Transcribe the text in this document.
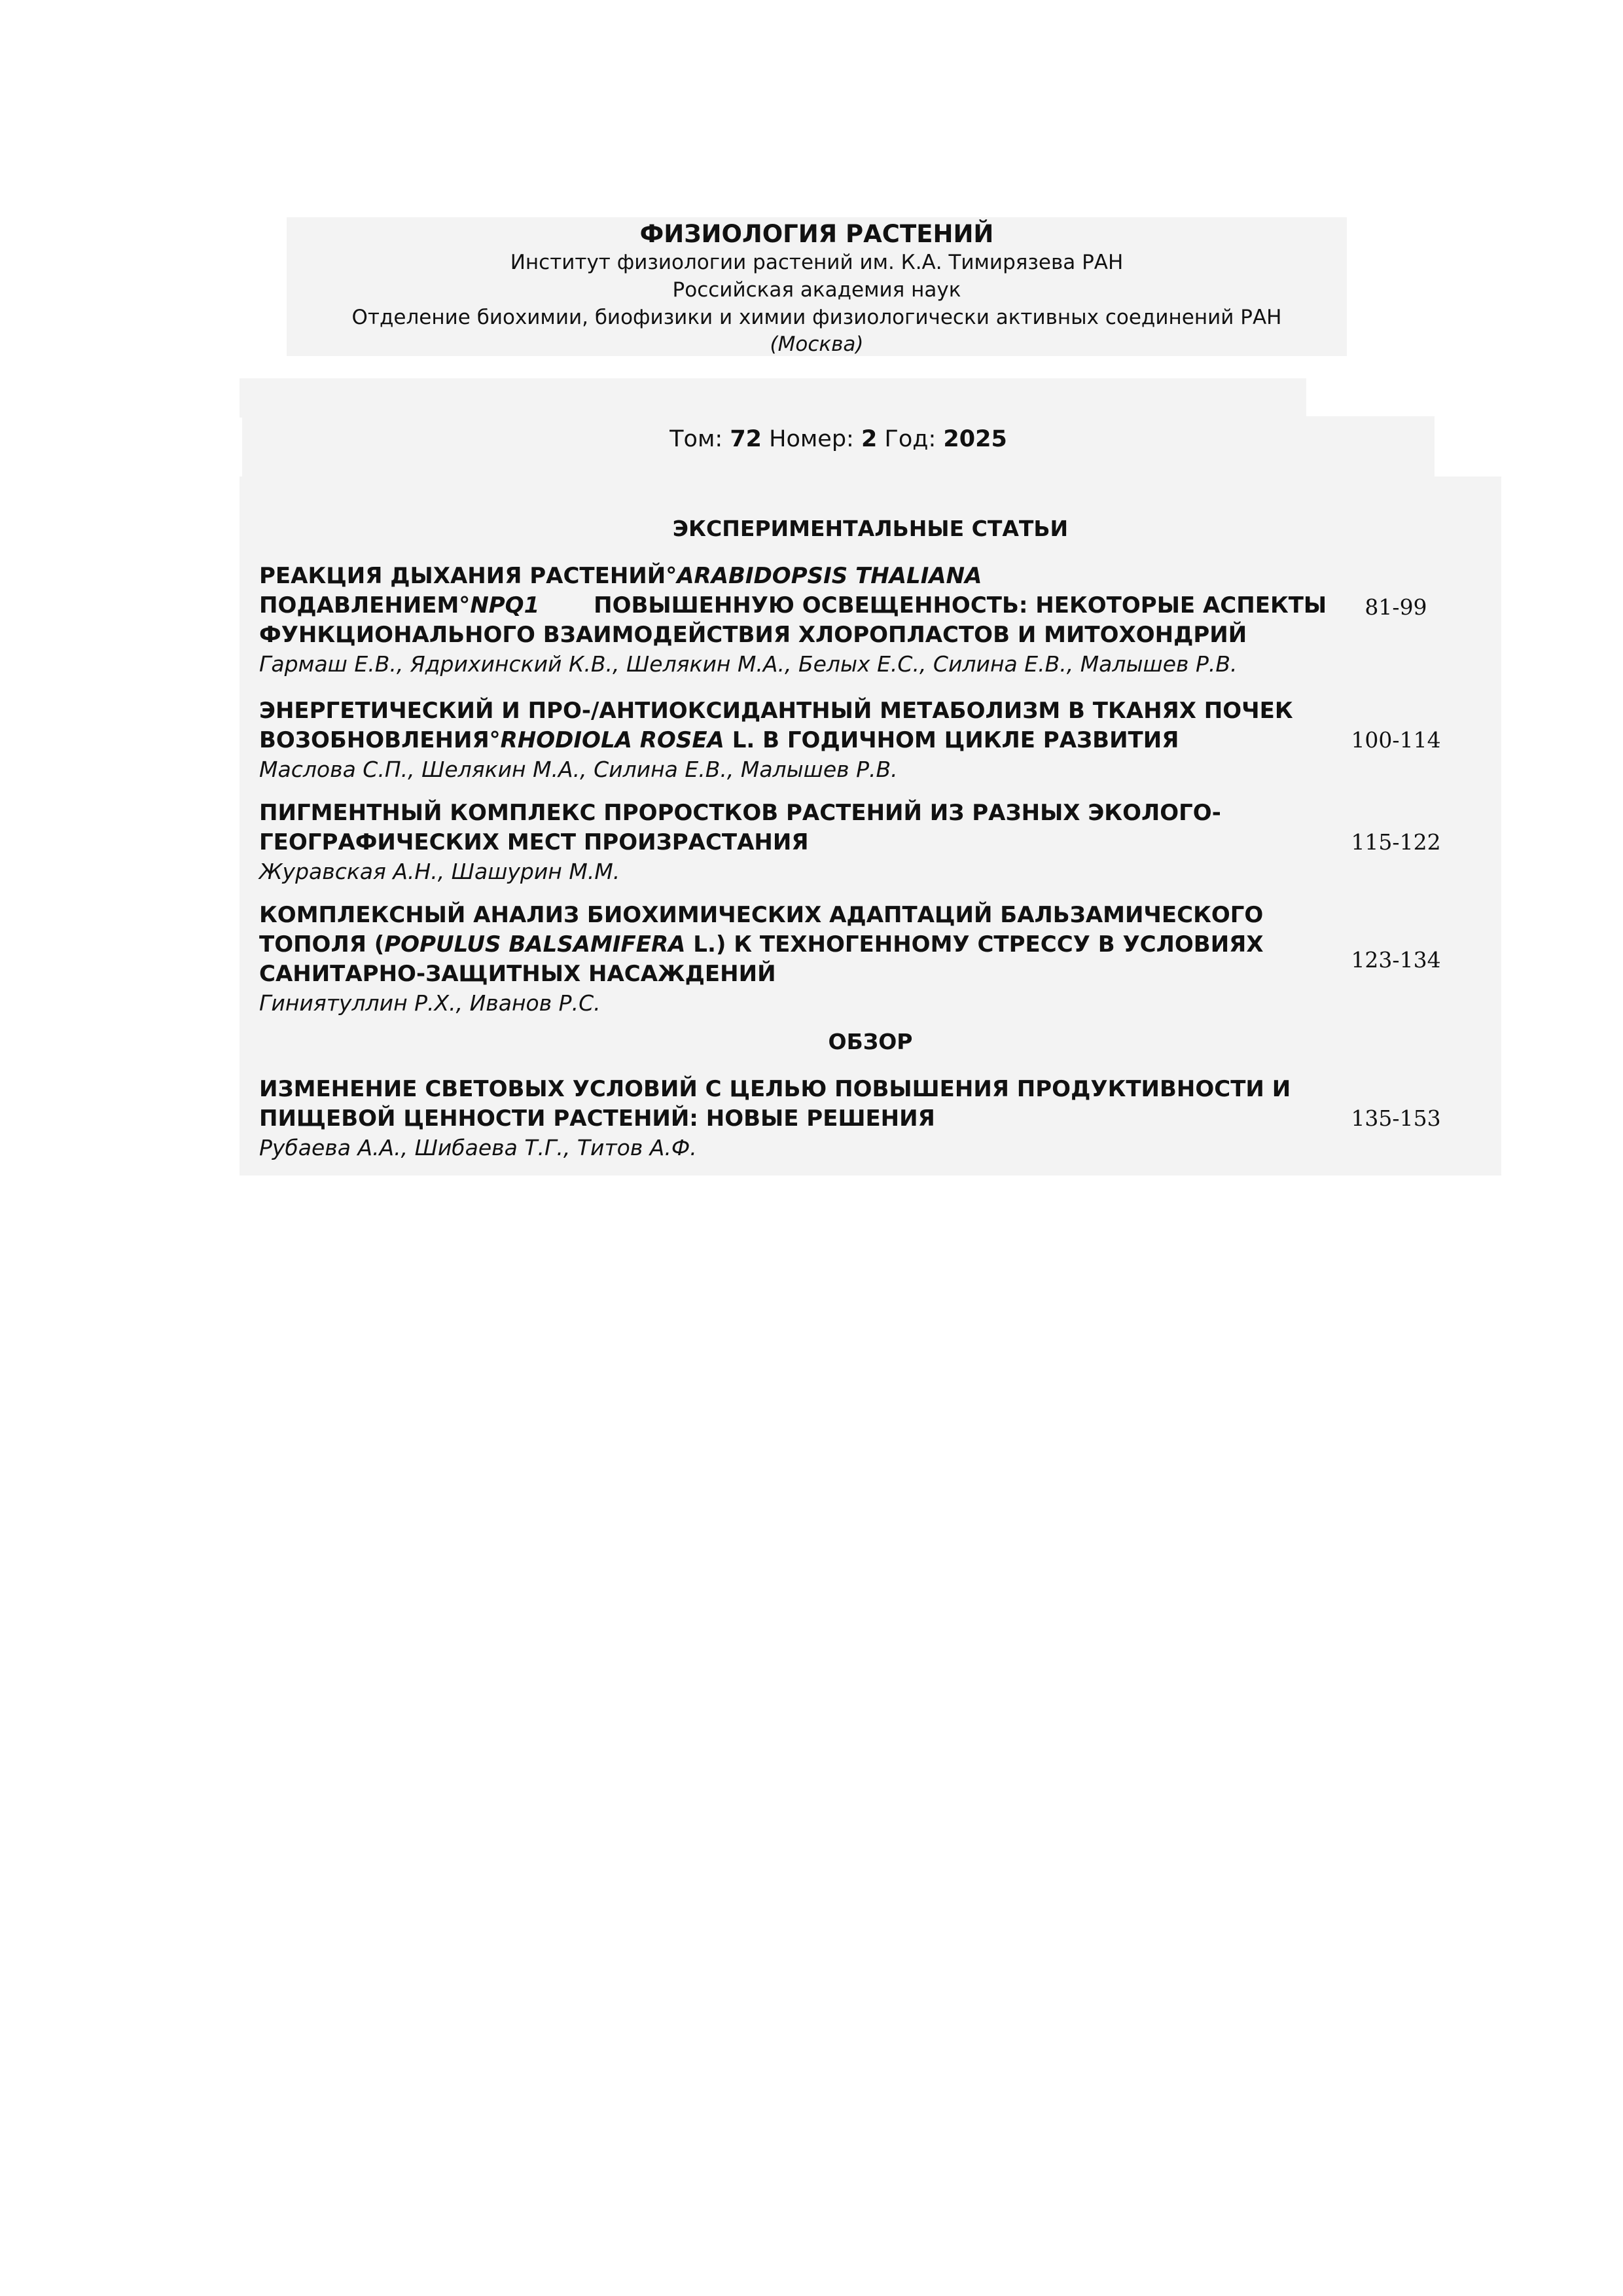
ФИЗИОЛОГИЯ РАСТЕНИЙ
Институт физиологии растений им. К.А. Тимирязева РАН
Российская академия наук
Отделение биохимии, биофизики и химии физиологически активных соединений РАН
(Москва)
Том: 72 Номер: 2 Год: 2025
ЭКСПЕРИМЕНТАЛЬНЫЕ СТАТЬИ
РЕАКЦИЯ ДЫХАНИЯ РАСТЕНИЙ°ARABIDOPSIS THALIANA
ПОДАВЛЕНИЕМ°NPQ1       ПОВЫШЕННУЮ ОСВЕЩЕННОСТЬ: НЕКОТОРЫЕ АСПЕКТЫ
ФУНКЦИОНАЛЬНОГО ВЗАИМОДЕЙСТВИЯ ХЛОРОПЛАСТОВ И МИТОХОНДРИЙ
Гармаш Е.В., Ядрихинский К.В., Шелякин М.А., Белых Е.С., Силина Е.В., Малышев Р.В.
81-99
ЭНЕРГЕТИЧЕСКИЙ И ПРО-/АНТИОКСИДАНТНЫЙ МЕТАБОЛИЗМ В ТКАНЯХ ПОЧЕК
ВОЗОБНОВЛЕНИЯ°RHODIOLA ROSEA L. В ГОДИЧНОМ ЦИКЛЕ РАЗВИТИЯ
Маслова С.П., Шелякин М.А., Силина Е.В., Малышев Р.В.
100-114
ПИГМЕНТНЫЙ КОМПЛЕКС ПРОРОСТКОВ РАСТЕНИЙ ИЗ РАЗНЫХ ЭКОЛОГО-
ГЕОГРАФИЧЕСКИХ МЕСТ ПРОИЗРАСТАНИЯ
Журавская А.Н., Шашурин М.М.
115-122
КОМПЛЕКСНЫЙ АНАЛИЗ БИОХИМИЧЕСКИХ АДАПТАЦИЙ БАЛЬЗАМИЧЕСКОГО
ТОПОЛЯ (POPULUS BALSAMIFERA L.) К ТЕХНОГЕННОМУ СТРЕССУ В УСЛОВИЯХ
САНИТАРНО-ЗАЩИТНЫХ НАСАЖДЕНИЙ
Гиниятуллин Р.Х., Иванов Р.С.
123-134
ОБЗОР
ИЗМЕНЕНИЕ СВЕТОВЫХ УСЛОВИЙ С ЦЕЛЬЮ ПОВЫШЕНИЯ ПРОДУКТИВНОСТИ И
ПИЩЕВОЙ ЦЕННОСТИ РАСТЕНИЙ: НОВЫЕ РЕШЕНИЯ
Рубаева А.А., Шибаева Т.Г., Титов А.Ф.
135-153
